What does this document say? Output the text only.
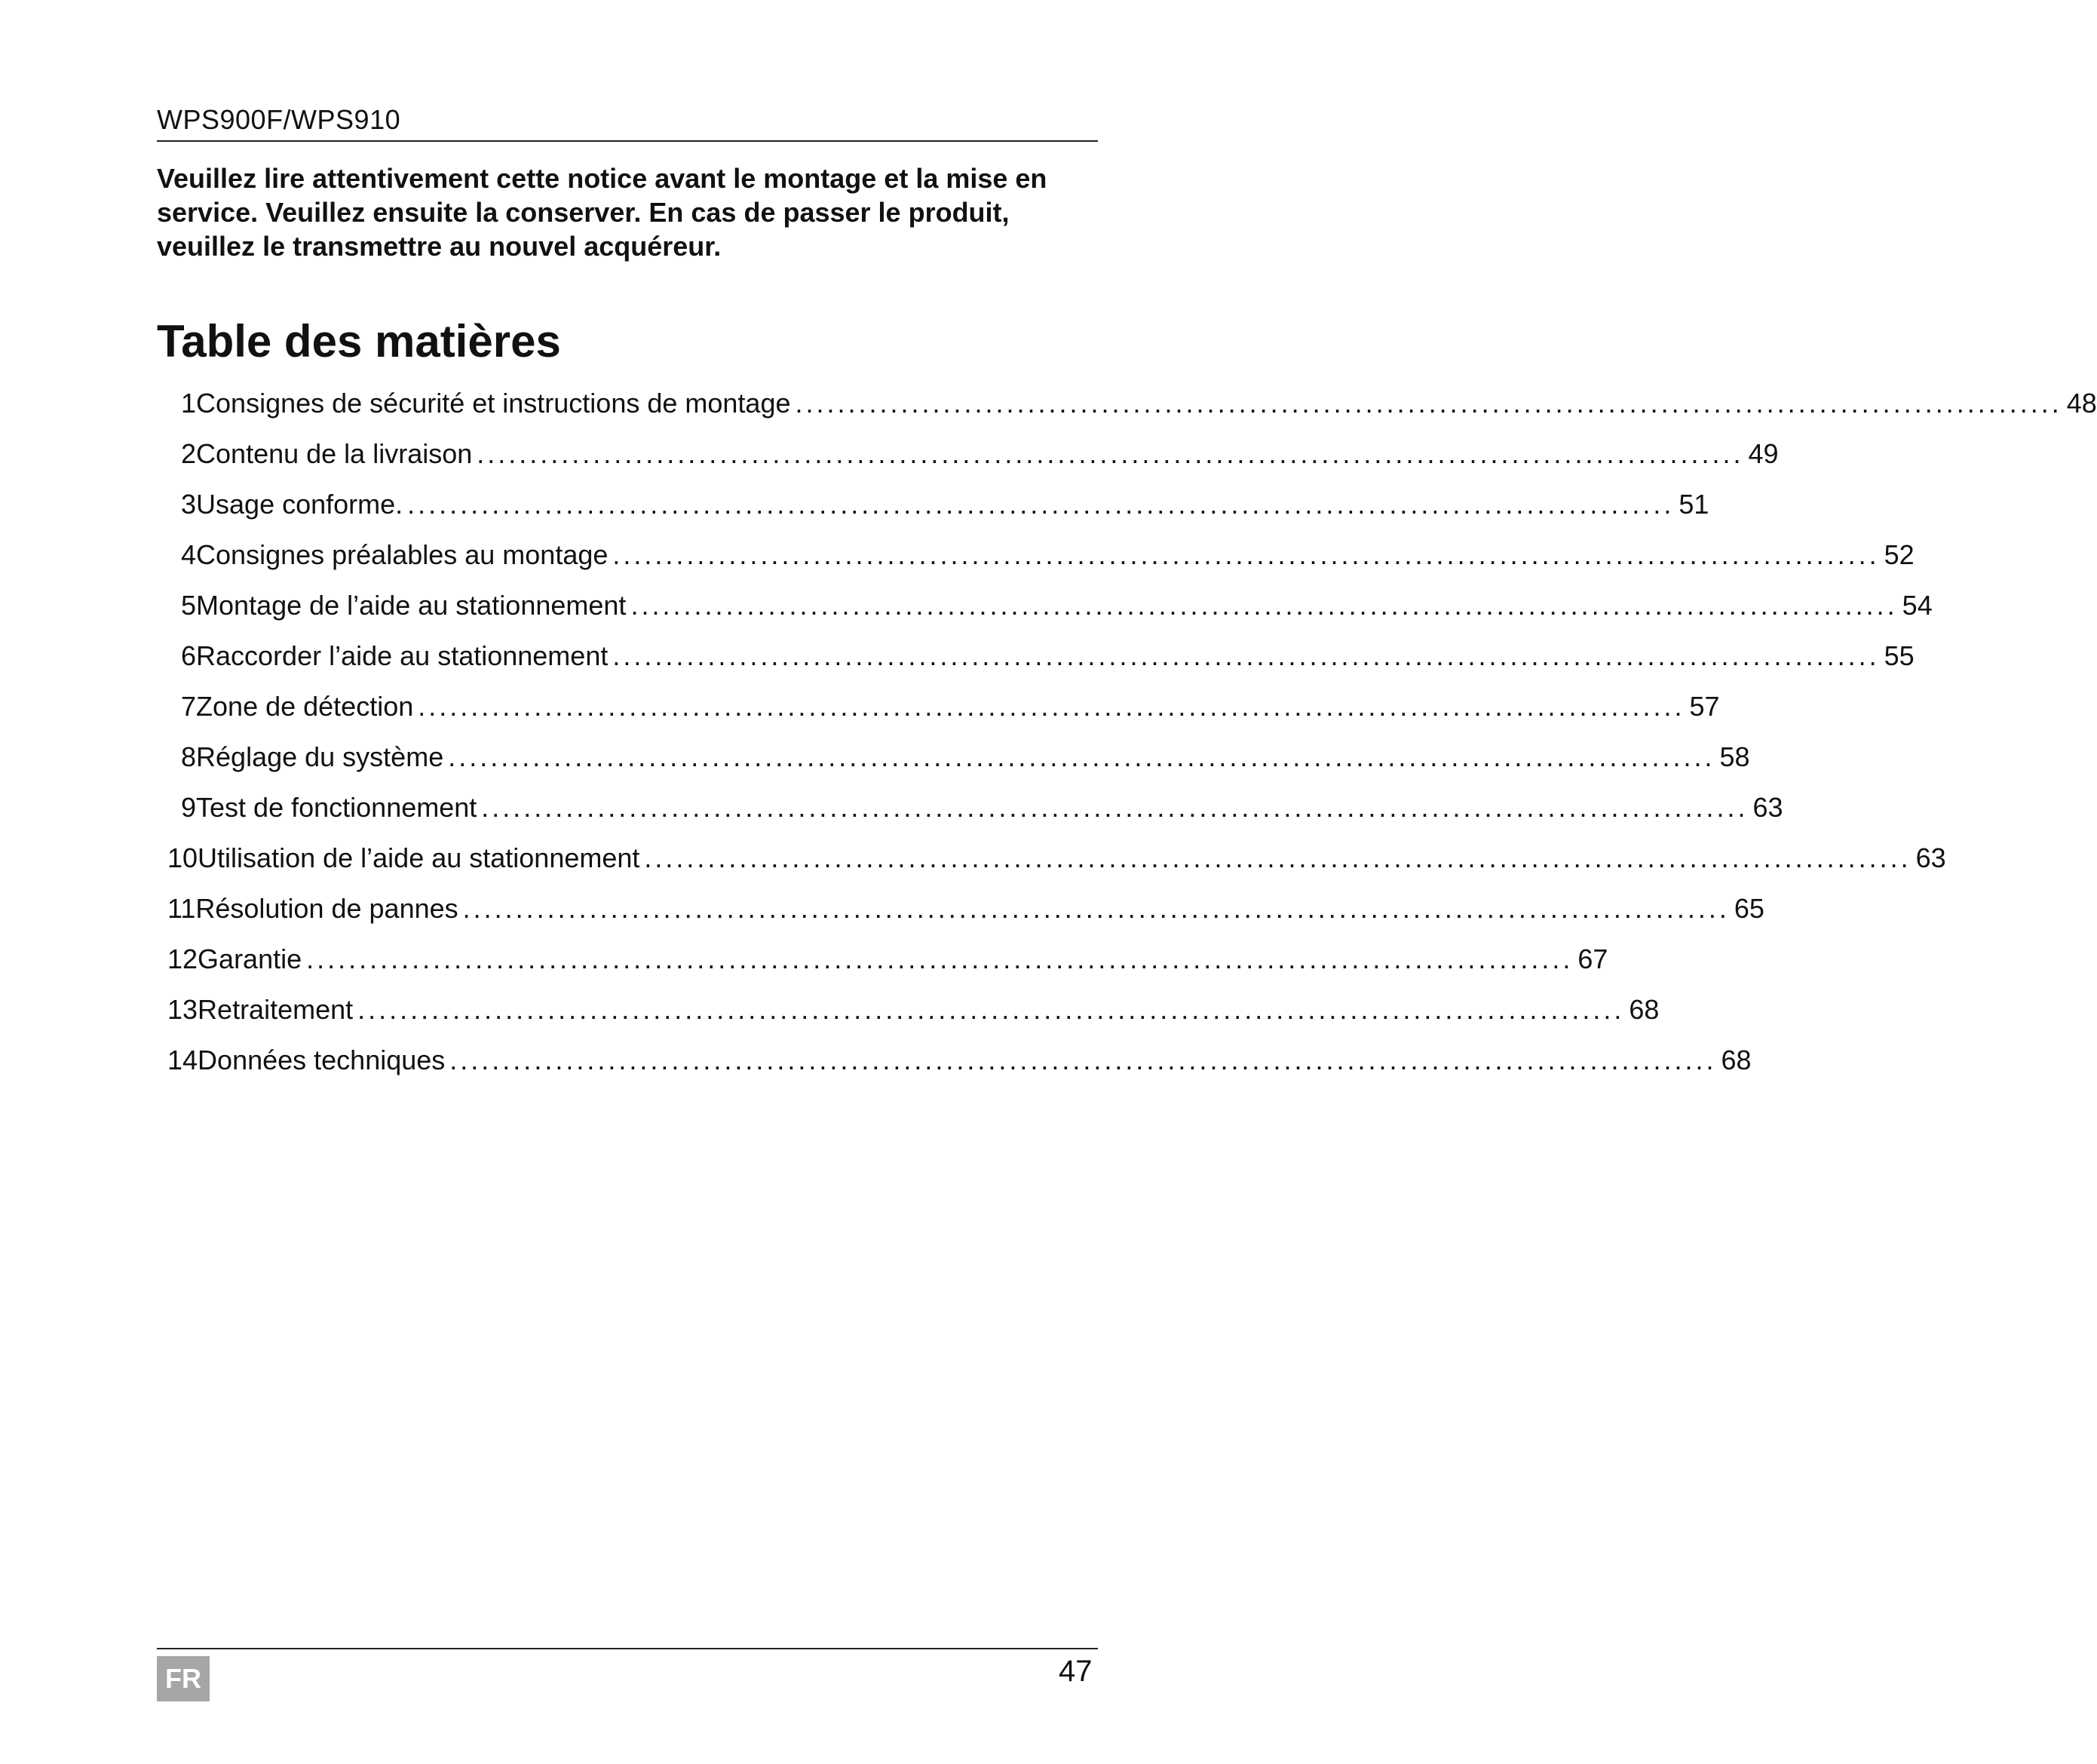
WPS900F/WPS910

Veuillez lire attentivement cette notice avant le montage et la mise en service. Veuillez ensuite la conserver. En cas de passer le produit, veuillez le transmettre au nouvel acquéreur.

Table des matières
1 Consignes de sécurité et instructions de montage ........................................................................................................................ 48
2 Contenu de la livraison ........................................................................................................................ 49
3 Usage conforme. ........................................................................................................................ 51
4 Consignes préalables au montage ........................................................................................................................ 52
5 Montage de l’aide au stationnement ........................................................................................................................ 54
6 Raccorder l’aide au stationnement ........................................................................................................................ 55
7 Zone de détection ........................................................................................................................ 57
8 Réglage du système ........................................................................................................................ 58
9 Test de fonctionnement ........................................................................................................................ 63
10 Utilisation de l’aide au stationnement ........................................................................................................................ 63
11 Résolution de pannes ........................................................................................................................ 65
12 Garantie ........................................................................................................................ 67
13 Retraitement ........................................................................................................................ 68
14 Données techniques ........................................................................................................................ 68
FR	47
